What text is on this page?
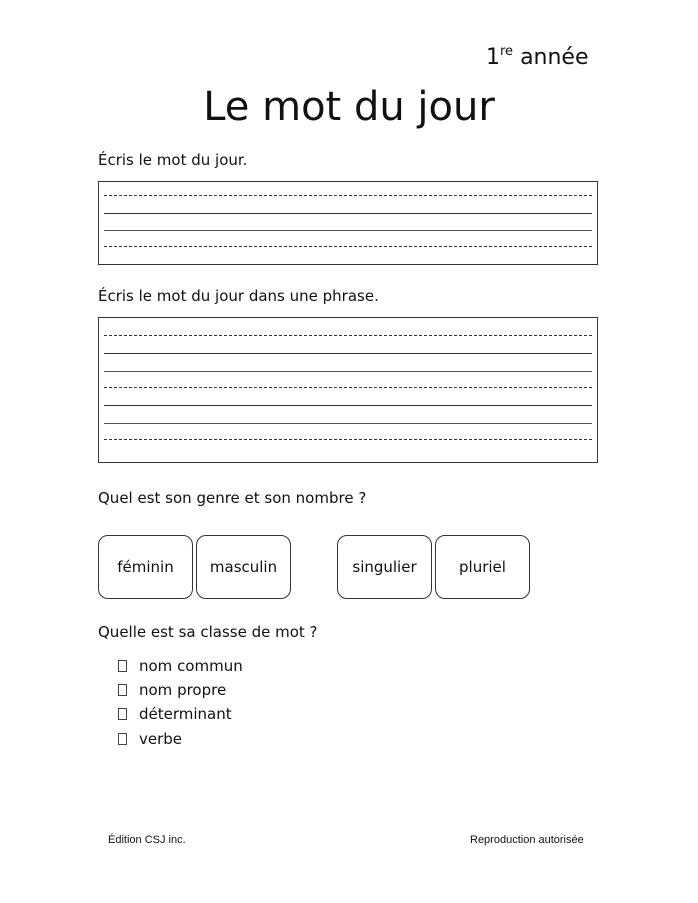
1re année
Le mot du jour
Écris le mot du jour.
Écris le mot du jour dans une phrase.
Quel est son genre et son nombre ?
féminin masculin	singulier	pluriel
Quelle est sa classe de mot ?
nom commun
nom propre
déterminant
verbe
Édition CSJ inc.	Reproduction autorisée
